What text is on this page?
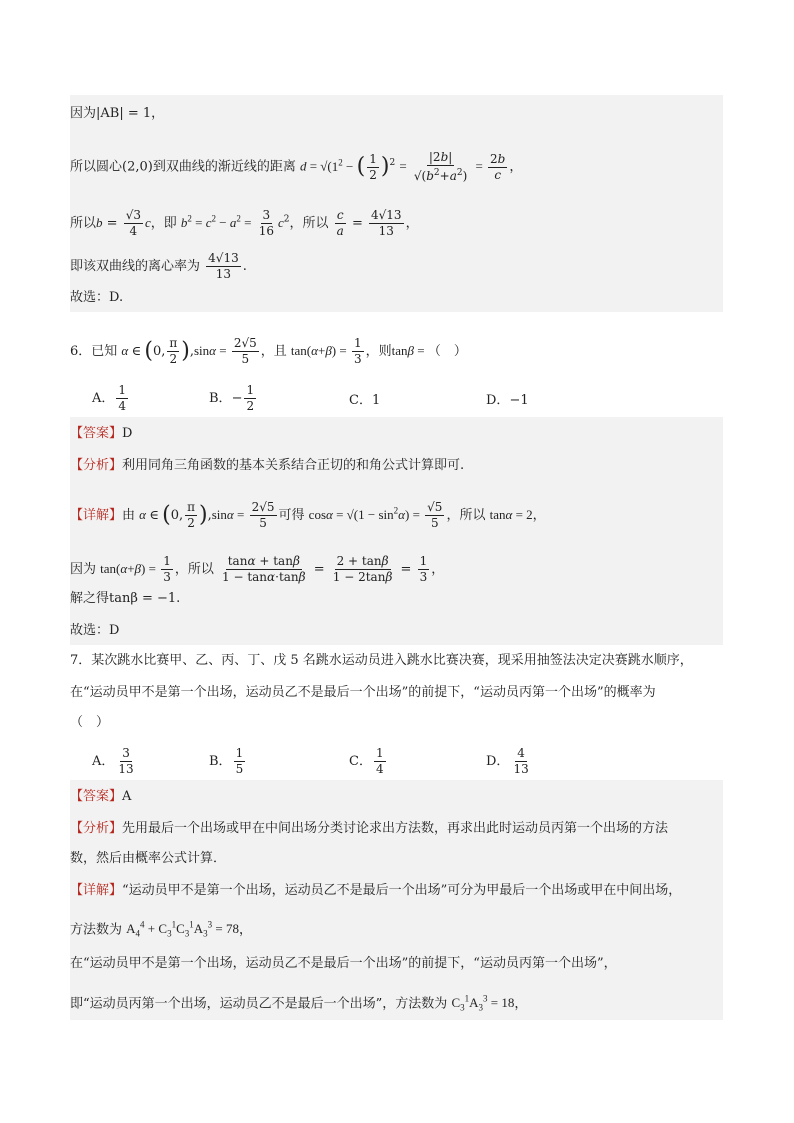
因为|AB| = 1，
所以圆心(2,0)到双曲线的渐近线的距离 $d = √(1^2$ − ( $\frac{1}{2} )^2 = \frac{|2b|}{√(b^2+a^2)} = \frac{2b}{c}$ ，
所以$b = \frac{√3}{4}$ c，即 $b^2 = c^2 - a^2 = \frac{3}{16} c^2$，所以 $\frac{c}{a} = \frac{4√13}{13}$ ，
即该双曲线的离心率为 $\frac{4√13}{13}$ .
故选：D.
6．已知 α ∈ (0, $\frac{\pi}{2} ),\sin\alpha = \frac{2√5}{5}$ ，且 $\tan(\alpha+\beta) = \frac{1}{3}$ ，则tanβ = （　）
A． $\frac{1}{4}$	B．− $\frac{1}{2}$	C．1	D．−1
【答案】D
【分析】利用同角三角函数的基本关系结合正切的和角公式计算即可.
【详解】由 α ∈ (0, $\frac{\pi}{2} ),\sin\alpha = \frac{2√5}{5}$ 可得 $\cos\alpha = √(1 - \sin^2\alpha) = \frac{√5}{5}$ ，所以 tanα = 2，
因为 $\tan(\alpha+\beta) = \frac{1}{3}$ ，所以 $\frac{\tan\alpha + \tan\beta}{1 - \tan\alpha\cdot\tan\beta} = \frac{2 + \tan\beta}{1 - 2\tan\beta} = \frac{1}{3}$ ，
解之得tanβ = −1.
故选：D
7．某次跳水比赛甲、乙、丙、丁、戊 5 名跳水运动员进入跳水比赛决赛，现采用抽签法决定决赛跳水顺序，
在“运动员甲不是第一个出场，运动员乙不是最后一个出场”的前提下，“运动员丙第一个出场”的概率为
（　）
A． $\frac{3}{13}$	B． $\frac{1}{5}$	C． $\frac{1}{4}$	D． $\frac{4}{13}$
【答案】A
【分析】先用最后一个出场或甲在中间出场分类讨论求出方法数，再求出此时运动员丙第一个出场的方法
数，然后由概率公式计算．
【详解】“运动员甲不是第一个出场，运动员乙不是最后一个出场”可分为甲最后一个出场或甲在中间出场，
方法数为 $A_4^4 + C_3^1C_3^1A_3^3 = 78$，
在“运动员甲不是第一个出场，运动员乙不是最后一个出场”的前提下，“运动员丙第一个出场”，
即“运动员丙第一个出场，运动员乙不是最后一个出场”，方法数为 $C_3^1A_3^3 = 18$，
